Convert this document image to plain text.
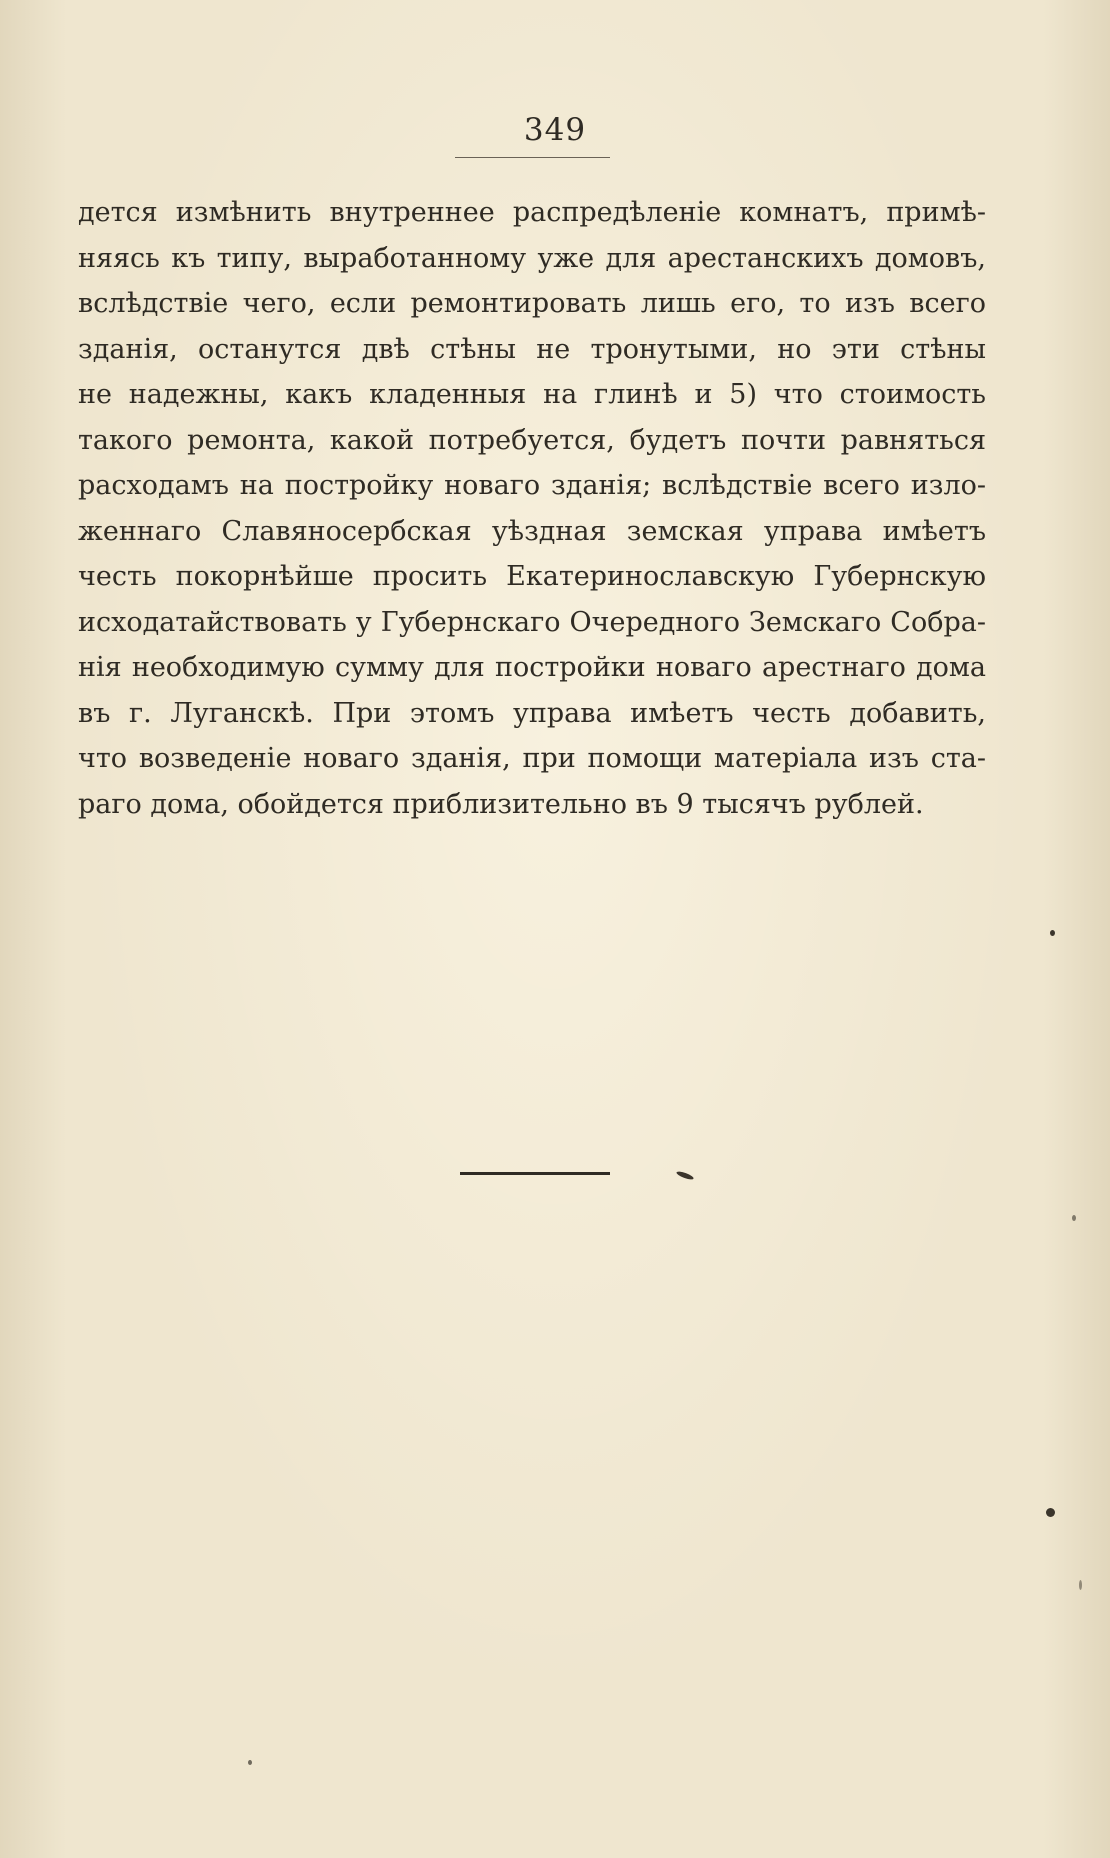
349
дется измѣнить внутреннее распредѣленіе комнатъ, примѣ-
няясь къ типу, выработанному уже для арестанскихъ домовъ,
вслѣдствіе чего, если ремонтировать лишь его, то изъ всего
зданія, останутся двѣ стѣны не тронутыми, но эти стѣны
не надежны, какъ кладенныя на глинѣ и 5) что стоимость
такого ремонта, какой потребуется, будетъ почти равняться
расходамъ на постройку новаго зданія; вслѣдствіе всего изло-
женнаго Славяносербская уѣздная земская управа имѣетъ
честь покорнѣйше просить Екатеринославскую Губернскую
исходатайствовать у Губернскаго Очередного Земскаго Собра-
нія необходимую сумму для постройки новаго арестнаго дома
въ г. Луганскѣ. При этомъ управа имѣетъ честь добавить,
что возведеніе новаго зданія, при помощи матеріала изъ ста-
раго дома, обойдется приблизительно въ 9 тысячъ рублей.
